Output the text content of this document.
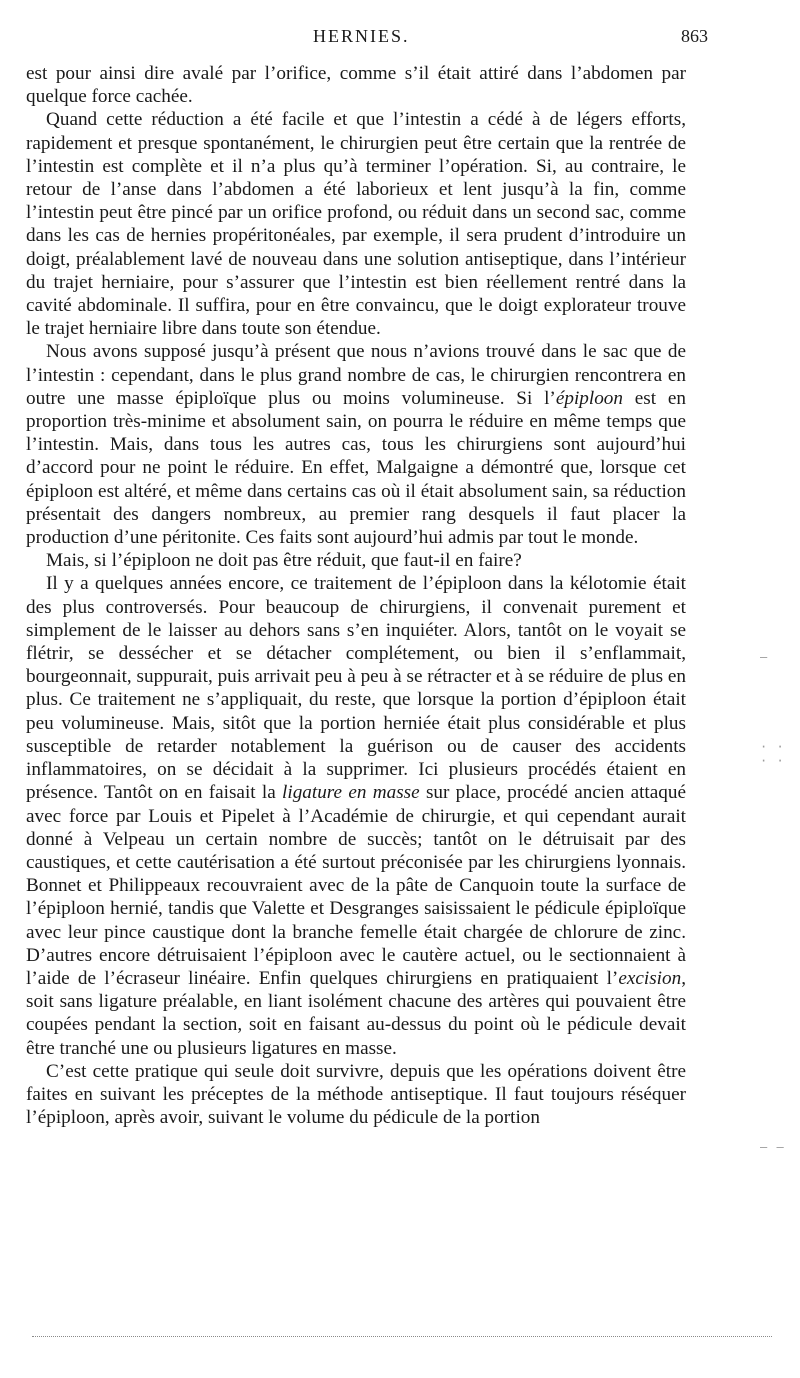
HERNIES.	863

est pour ainsi dire avalé par l’orifice, comme s’il était attiré dans l’abdomen par quelque force cachée.

Quand cette réduction a été facile et que l’intestin a cédé à de légers efforts, rapidement et presque spontanément, le chirurgien peut être certain que la rentrée de l’intestin est complète et il n’a plus qu’à terminer l’opération. Si, au contraire, le retour de l’anse dans l’abdomen a été laborieux et lent jusqu’à la fin, comme l’intestin peut être pincé par un orifice profond, ou réduit dans un second sac, comme dans les cas de hernies propéritonéales, par exemple, il sera prudent d’introduire un doigt, préalablement lavé de nouveau dans une solution antiseptique, dans l’intérieur du trajet herniaire, pour s’assurer que l’intestin est bien réellement rentré dans la cavité abdominale. Il suffira, pour en être convaincu, que le doigt explorateur trouve le trajet herniaire libre dans toute son étendue.

Nous avons supposé jusqu’à présent que nous n’avions trouvé dans le sac que de l’intestin : cependant, dans le plus grand nombre de cas, le chirurgien rencontrera en outre une masse épiploïque plus ou moins volumineuse. Si l’épiploon est en proportion très-minime et absolument sain, on pourra le réduire en même temps que l’intestin. Mais, dans tous les autres cas, tous les chirurgiens sont aujourd’hui d’accord pour ne point le réduire. En effet, Malgaigne a démontré que, lorsque cet épiploon est altéré, et même dans certains cas où il était absolument sain, sa réduction présentait des dangers nombreux, au premier rang desquels il faut placer la production d’une péritonite. Ces faits sont aujourd’hui admis par tout le monde.

Mais, si l’épiploon ne doit pas être réduit, que faut-il en faire?

Il y a quelques années encore, ce traitement de l’épiploon dans la kélotomie était des plus controversés. Pour beaucoup de chirurgiens, il convenait purement et simplement de le laisser au dehors sans s’en inquiéter. Alors, tantôt on le voyait se flétrir, se dessécher et se détacher complétement, ou bien il s’enflammait, bourgeonnait, suppurait, puis arrivait peu à peu à se rétracter et à se réduire de plus en plus. Ce traitement ne s’appliquait, du reste, que lorsque la portion d’épiploon était peu volumineuse. Mais, sitôt que la portion herniée était plus considérable et plus susceptible de retarder notablement la guérison ou de causer des accidents inflammatoires, on se décidait à la supprimer. Ici plusieurs procédés étaient en présence. Tantôt on en faisait la ligature en masse sur place, procédé ancien attaqué avec force par Louis et Pipelet à l’Académie de chirurgie, et qui cependant aurait donné à Velpeau un certain nombre de succès; tantôt on le détruisait par des caustiques, et cette cautérisation a été surtout préconisée par les chirurgiens lyonnais. Bonnet et Philippeaux recouvraient avec de la pâte de Canquoin toute la surface de l’épiploon hernié, tandis que Valette et Desgranges saisissaient le pédicule épiploïque avec leur pince caustique dont la branche femelle était chargée de chlorure de zinc. D’autres encore détruisaient l’épiploon avec le cautère actuel, ou le sectionnaient à l’aide de l’écraseur linéaire. Enfin quelques chirurgiens en pratiquaient l’excision, soit sans ligature préalable, en liant isolément chacune des artères qui pouvaient être coupées pendant la section, soit en faisant au-dessus du point où le pédicule devait être tranché une ou plusieurs ligatures en masse.

C’est cette pratique qui seule doit survivre, depuis que les opérations doivent être faites en suivant les préceptes de la méthode antiseptique. Il faut toujours réséquer l’épiploon, après avoir, suivant le volume du pédicule de la portion

—
· · · ·
— —
